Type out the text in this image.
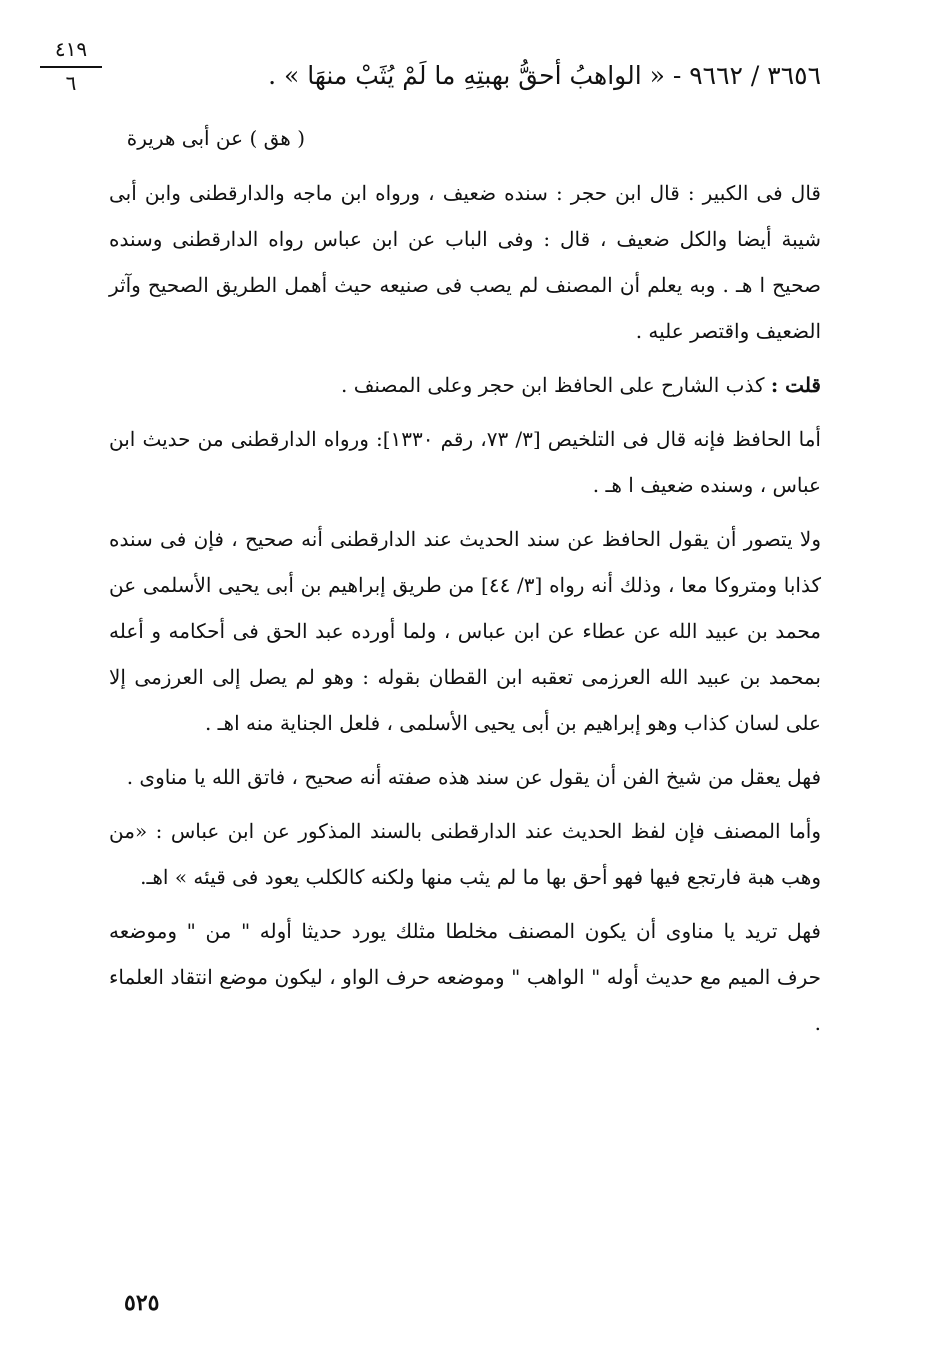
٤١٩
٦	٣٦٥٦ / ٩٦٦٢ - « الواهبُ أحقُّ بهبتِهِ ما لَمْ يُثَبْ منهَا » .
( هق ) عن أبى هريرة

قال فى الكبير : قال ابن حجر : سنده ضعيف ، ورواه ابن ماجه والدارقطنى وابن أبى شيبة أيضا والكل ضعيف ، قال : وفى الباب عن ابن عباس رواه الدارقطنى وسنده صحيح ا هـ . وبه يعلم أن المصنف لم يصب فى صنيعه حيث أهمل الطريق الصحيح وآثر الضعيف واقتصر عليه .

قلت : كذب الشارح على الحافظ ابن حجر وعلى المصنف .

أما الحافظ فإنه قال فى التلخيص [٣/ ٧٣، رقم ١٣٣٠]: ورواه الدارقطنى من حديث ابن عباس ، وسنده ضعيف ا هـ .

ولا يتصور أن يقول الحافظ عن سند الحديث عند الدارقطنى أنه صحيح ، فإن فى سنده كذابا ومتروكا معا ، وذلك أنه رواه [٣/ ٤٤] من طريق إبراهيم بن أبى يحيى الأسلمى عن محمد بن عبيد الله عن عطاء عن ابن عباس ، ولما أورده عبد الحق فى أحكامه و أعله بمحمد بن عبيد الله العرزمى تعقبه ابن القطان بقوله : وهو لم يصل إلى العرزمى إلا على لسان كذاب وهو إبراهيم بن أبى يحيى الأسلمى ، فلعل الجناية منه اهـ .

فهل يعقل من شيخ الفن أن يقول عن سند هذه صفته أنه صحيح ، فاتق الله يا مناوى .

وأما المصنف فإن لفظ الحديث عند الدارقطنى بالسند المذكور عن ابن عباس : «من وهب هبة فارتجع فيها فهو أحق بها ما لم يثب منها ولكنه كالكلب يعود فى قيئه » اهـ.

فهل تريد يا مناوى أن يكون المصنف مخلطا مثلك يورد حديثا أوله " من " وموضعه حرف الميم مع حديث أوله " الواهب " وموضعه حرف الواو ، ليكون موضع انتقاد العلماء .

٥٢٥
